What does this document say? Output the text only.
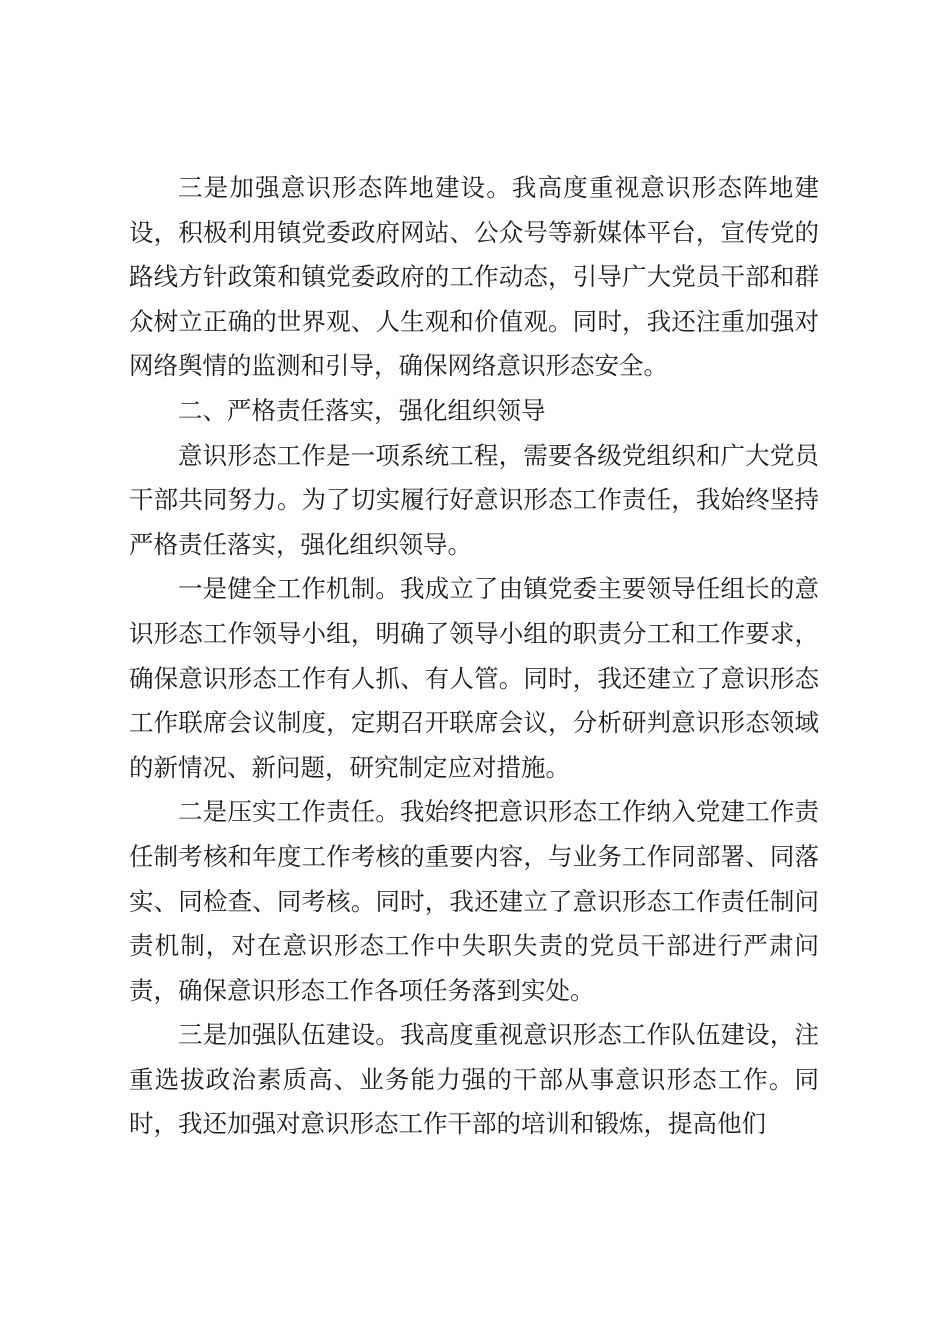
三是加强意识形态阵地建设。我高度重视意识形态阵地建设，积极利用镇党委政府网站、公众号等新媒体平台，宣传党的路线方针政策和镇党委政府的工作动态，引导广大党员干部和群众树立正确的世界观、人生观和价值观。同时，我还注重加强对网络舆情的监测和引导，确保网络意识形态安全。

二、严格责任落实，强化组织领导

意识形态工作是一项系统工程，需要各级党组织和广大党员干部共同努力。为了切实履行好意识形态工作责任，我始终坚持严格责任落实，强化组织领导。

一是健全工作机制。我成立了由镇党委主要领导任组长的意识形态工作领导小组，明确了领导小组的职责分工和工作要求，确保意识形态工作有人抓、有人管。同时，我还建立了意识形态工作联席会议制度，定期召开联席会议，分析研判意识形态领域的新情况、新问题，研究制定应对措施。

二是压实工作责任。我始终把意识形态工作纳入党建工作责任制考核和年度工作考核的重要内容，与业务工作同部署、同落实、同检查、同考核。同时，我还建立了意识形态工作责任制问责机制，对在意识形态工作中失职失责的党员干部进行严肃问责，确保意识形态工作各项任务落到实处。

三是加强队伍建设。我高度重视意识形态工作队伍建设，注重选拔政治素质高、业务能力强的干部从事意识形态工作。同时，我还加强对意识形态工作干部的培训和锻炼，提高他们
